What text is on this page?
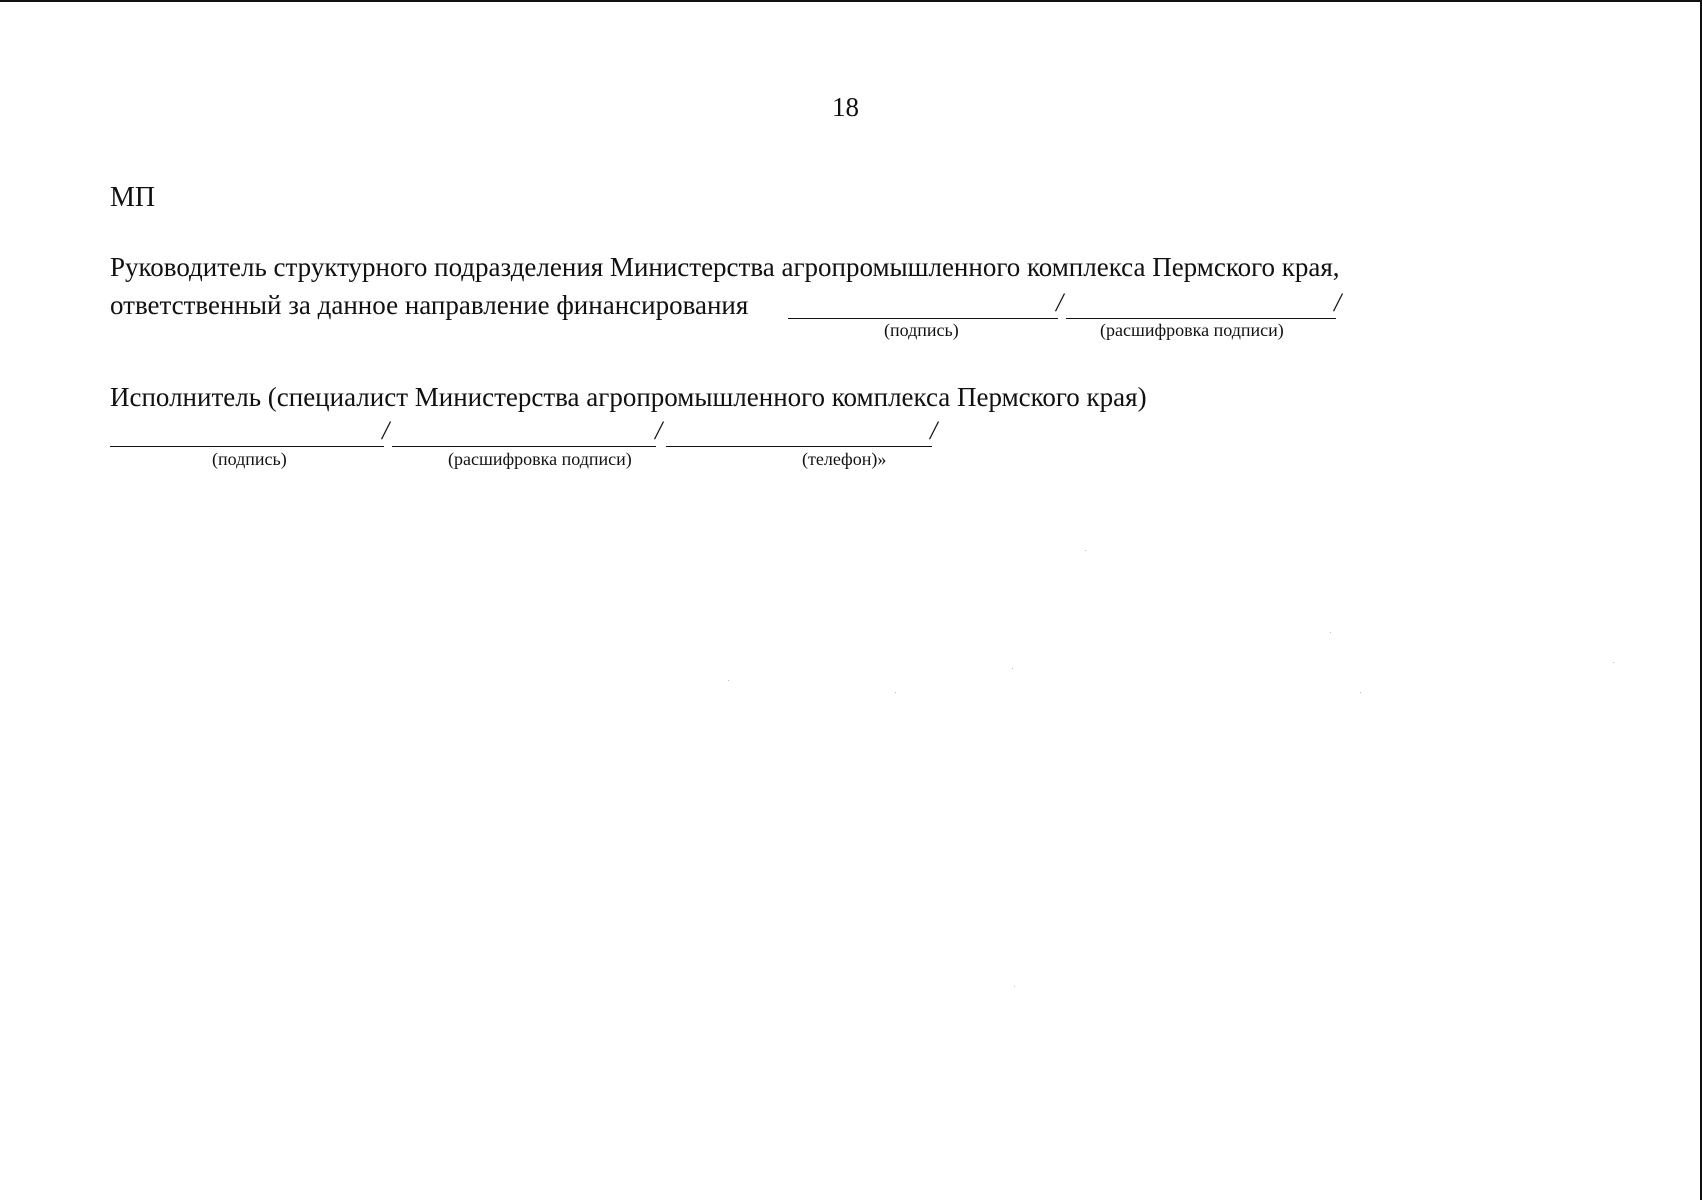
18
МП
Руководитель структурного подразделения Министерства агропромышленного комплекса Пермского края,
ответственный за данное направление финансирования	/	/
(подпись)	(расшифровка подписи)
Исполнитель (специалист Министерства агропромышленного комплекса Пермского края)
/	/	/
(подпись)	(расшифровка подписи)	(телефон)»
